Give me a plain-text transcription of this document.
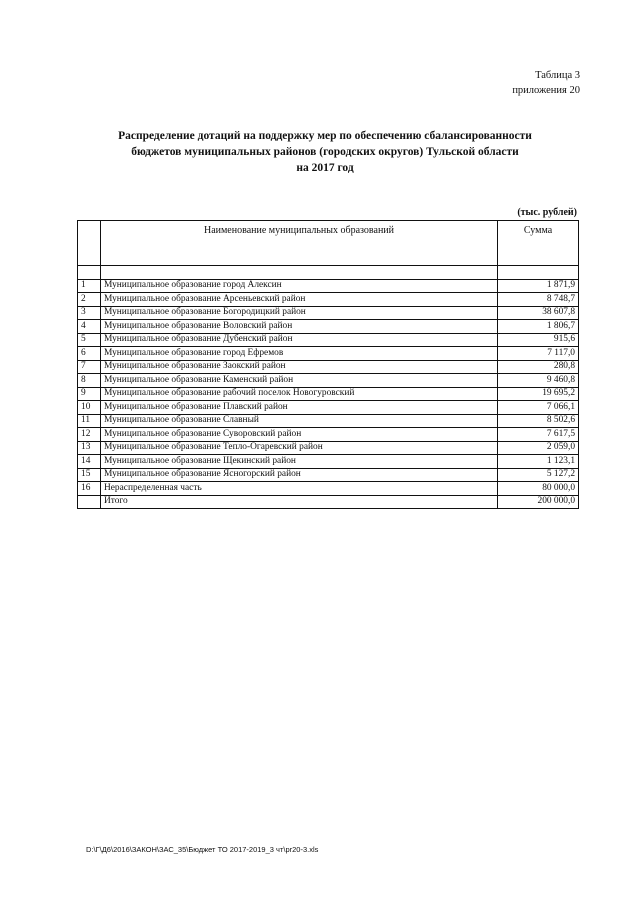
Таблица 3
приложения 20
Распределение дотаций на поддержку мер по обеспечению сбалансированности
бюджетов муниципальных районов (городских округов) Тульской области
на 2017 год
(тыс. рублей)
	Наименование муниципальных образований	Сумма

1	Муниципальное образование город Алексин	1 871,9
2	Муниципальное образование Арсеньевский район	8 748,7
3	Муниципальное образование Богородицкий район	38 607,8
4	Муниципальное образование Воловский район	1 806,7
5	Муниципальное образование Дубенский район	915,6
6	Муниципальное образование город Ефремов	7 117,0
7	Муниципальное образование Заокский район	280,8
8	Муниципальное образование Каменский район	9 460,8
9	Муниципальное образование рабочий поселок Новогуровский	19 695,2
10	Муниципальное образование Плавский район	7 066,1
11	Муниципальное образование Славный	8 502,6
12	Муниципальное образование Суворовский район	7 617,5
13	Муниципальное образование Тепло-Огаревский район	2 059,0
14	Муниципальное образование Щекинский район	1 123,1
15	Муниципальное образование Ясногорский район	5 127,2
16	Нераспределенная часть	80 000,0
	Итого	200 000,0
D:\Г\Д6\2016\ЗАКОН\ЗАС_35\Бюджет ТО 2017-2019_3 чт\pr20-3.xls
